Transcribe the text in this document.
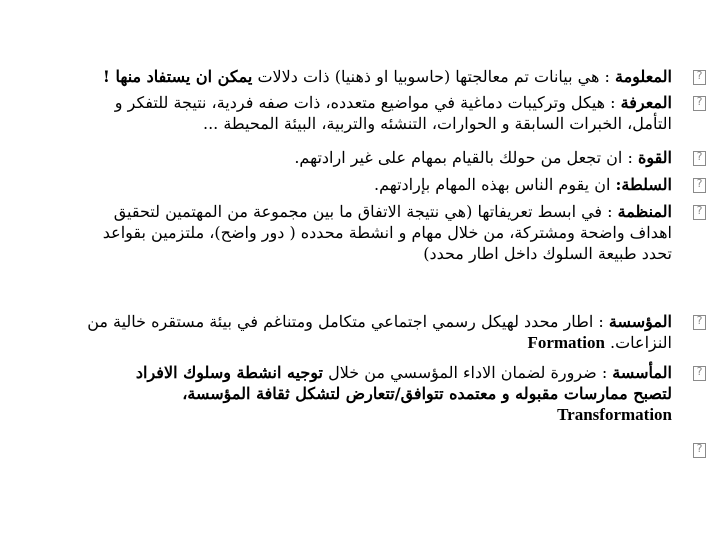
?
المعلومة : هي بيانات تم معالجتها (حاسوبيا او ذهنيا) ذات دلالات يمكن ان يستفاد منها !
?
المعرفة : هيكل وتركيبات دماغية في مواضيع متعدده، ذات صفه فردية، نتيجة للتفكر و
التأمل، الخبرات السابقة و الحوارات، التنشئه والتربية، البيئة المحيطة ...
?
القوة : ان تجعل من حولك بالقيام بمهام على غير ارادتهم.
?
السلطة: ان يقوم الناس بهذه المهام بإرادتهم.
?
المنظمة : في ابسط تعريفاتها (هي نتيجة الاتفاق ما بين مجموعة من المهتمين لتحقيق
اهداف واضحة ومشتركة، من خلال مهام و انشطة محدده ( دور واضح)، ملتزمين بقواعد
تحدد طبيعة السلوك داخل اطار محدد)
?
المؤسسة : اطار محدد لهيكل رسمي اجتماعي متكامل ومتناغم في بيئة مستقره خالية من
النزاعات. Formation
?
المأسسة : ضرورة لضمان الاداء المؤسسي من خلال توجيه انشطة وسلوك الافراد
لتصبح ممارسات مقبوله و معتمده تتوافق/تتعارض لتشكل ثقافة المؤسسة،
Transformation
?
